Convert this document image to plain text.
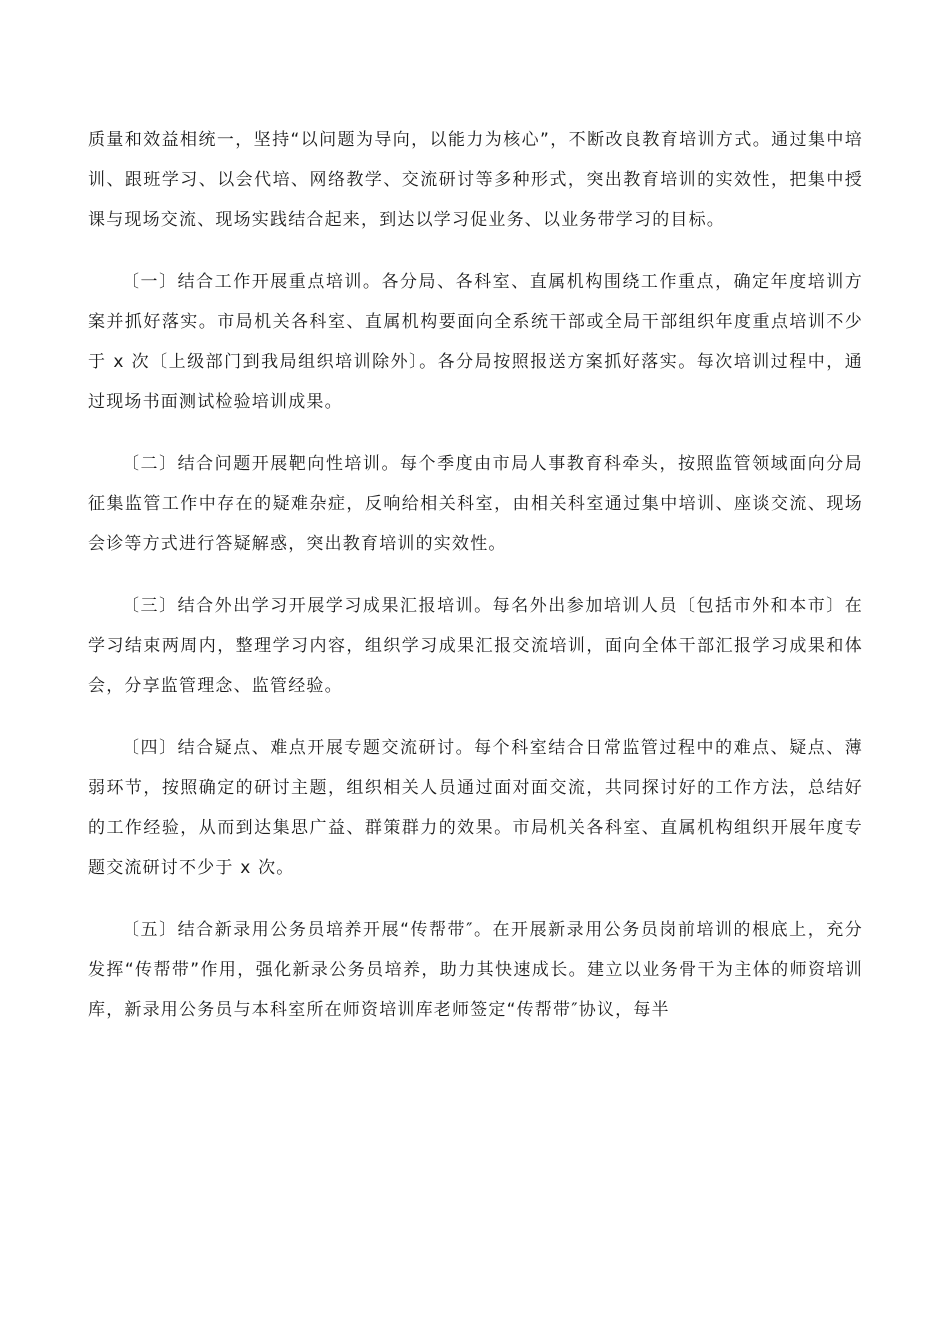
质量和效益相统一，坚持“以问题为导向，以能力为核心”，不断改良教育培训方式。通过集中培训、跟班学习、以会代培、网络教学、交流研讨等多种形式，突出教育培训的实效性，把集中授课与现场交流、现场实践结合起来，到达以学习促业务、以业务带学习的目标。

〔一〕结合工作开展重点培训。各分局、各科室、直属机构围绕工作重点，确定年度培训方案并抓好落实。市局机关各科室、直属机构要面向全系统干部或全局干部组织年度重点培训不少于 x 次〔上级部门到我局组织培训除外〕。各分局按照报送方案抓好落实。每次培训过程中，通过现场书面测试检验培训成果。

〔二〕结合问题开展靶向性培训。每个季度由市局人事教育科牵头，按照监管领域面向分局征集监管工作中存在的疑难杂症，反响给相关科室，由相关科室通过集中培训、座谈交流、现场会诊等方式进行答疑解惑，突出教育培训的实效性。

〔三〕结合外出学习开展学习成果汇报培训。每名外出参加培训人员〔包括市外和本市〕在学习结束两周内，整理学习内容，组织学习成果汇报交流培训，面向全体干部汇报学习成果和体会，分享监管理念、监管经验。

〔四〕结合疑点、难点开展专题交流研讨。每个科室结合日常监管过程中的难点、疑点、薄弱环节，按照确定的研讨主题，组织相关人员通过面对面交流，共同探讨好的工作方法，总结好的工作经验，从而到达集思广益、群策群力的效果。市局机关各科室、直属机构组织开展年度专题交流研讨不少于 x 次。

〔五〕结合新录用公务员培养开展“传帮带″。在开展新录用公务员岗前培训的根底上，充分发挥“传帮带”作用，强化新录公务员培养，助力其快速成长。建立以业务骨干为主体的师资培训库，新录用公务员与本科室所在师资培训库老师签定“传帮带″协议，每半
